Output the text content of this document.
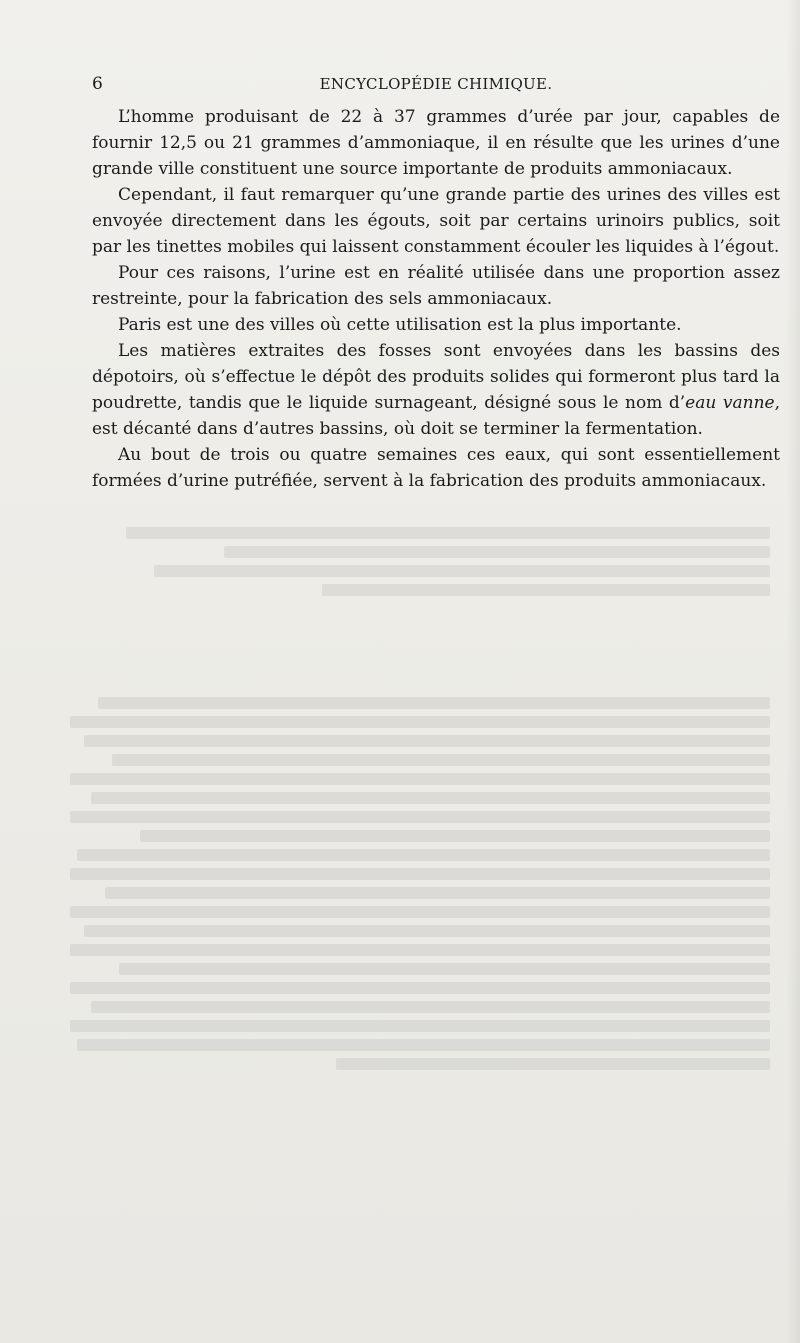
6	ENCYCLOPÉDIE CHIMIQUE.

L’homme produisant de 22 à 37 grammes d’urée par jour, capables de fournir 12,5 ou 21 grammes d’ammoniaque, il en résulte que les urines d’une grande ville constituent une source importante de produits ammoniacaux.

Cependant, il faut remarquer qu’une grande partie des urines des villes est envoyée directement dans les égouts, soit par certains urinoirs publics, soit par les tinettes mobiles qui laissent constamment écouler les liquides à l’égout.

Pour ces raisons, l’urine est en réalité utilisée dans une proportion assez restreinte, pour la fabrication des sels ammoniacaux.

Paris est une des villes où cette utilisation est la plus importante.

Les matières extraites des fosses sont envoyées dans les bassins des dépotoirs, où s’effectue le dépôt des produits solides qui formeront plus tard la poudrette, tandis que le liquide surnageant, désigné sous le nom d’eau vanne, est décanté dans d’autres bassins, où doit se terminer la fermentation.

Au bout de trois ou quatre semaines ces eaux, qui sont essentiellement formées d’urine putréfiée, servent à la fabrication des produits ammoniacaux.
